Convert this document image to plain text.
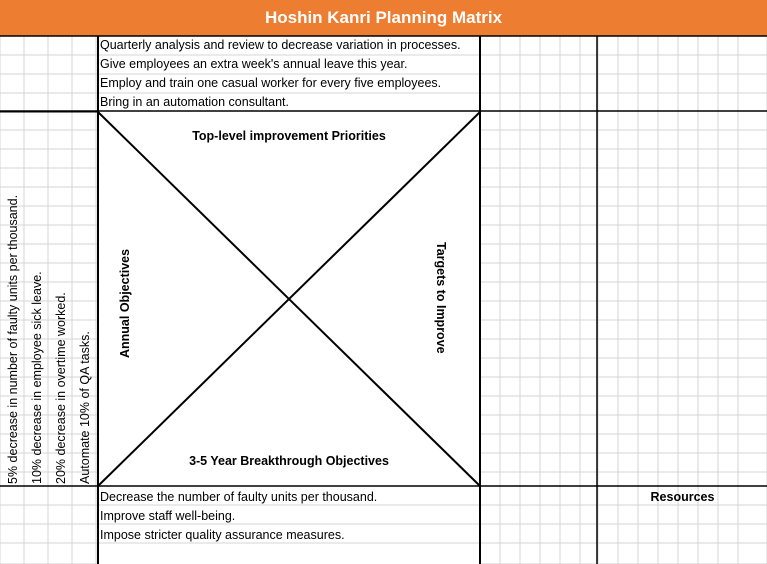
Hoshin Kanri Planning Matrix
Quarterly analysis and review to decrease variation in processes.
Give employees an extra week's annual leave this year.
Employ and train one casual worker for every five employees.
Bring in an automation consultant.
Top-level improvement Priorities
3-5 Year Breakthrough Objectives
Annual Objectives	Targets to Improve
5% decrease in number of faulty units per thousand. 10% decrease in employee sick leave. 20% decrease in overtime worked. Automate 10% of QA tasks.
Decrease the number of faulty units per thousand.
Improve staff well-being.
Impose stricter quality assurance measures.
Resources
